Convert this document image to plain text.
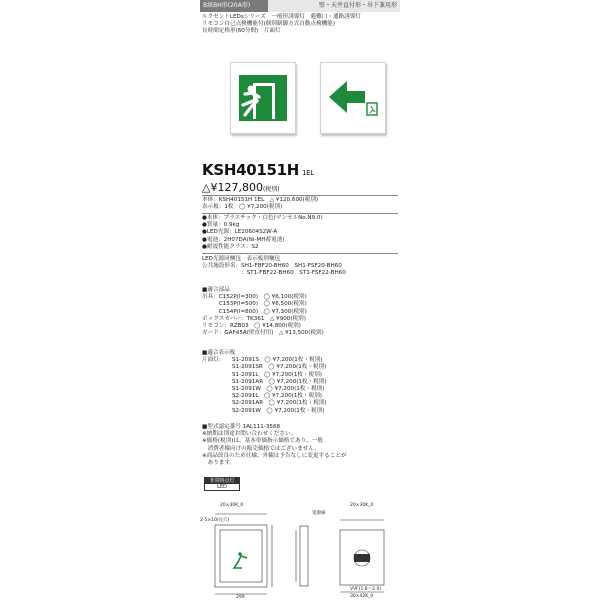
B級BH形(20A形)	壁・天井直付形・吊下兼用形
ルクセントLEDsシリーズ　一般形誘導灯　避難口・通路誘導灯
リモコン自己点検機能付(個別制御方式自動点検機能)
長時間定格形(60分間)　片面灯
KSH40151H 1EL
△¥127,800(税別)
本体：KSH40151H 1EL　△ ¥120,600(税別)
表示板：1枚　◯ ¥7,200(税別)
●本体：プラスチック・白色(マンセルNo.N9.0)
●質量：0.9kg
●LED光源：LE20604S2W-A
●電池：2H07DA(Ni-MH蓄電池)
●耐震性能クラス：S2
LED光源同梱包　表示板別梱包
公共施設形名：SH1-FBF20-BH60　SH1-FSF20-BH60
　　　　　　　：ST1-FBF22-BH60　ST1-FSF22-BH60
■適合部品
吊具：C152P(l=300)　◯ ¥6,100(税別)
　　　C153P(l=500)　◯ ¥6,500(税別)
　　　C154P(l=800)　◯ ¥7,300(税別)
ボックスカバー：TK361　△ ¥900(税別)
リモコン：RZB03　◯ ¥14,800(税別)
ガード：GAF45A(壁直付用)　△ ¥13,500(税別)
■適合表示板
片面灯：	S1-2091S　◯ ¥7,200(1枚・税別)
S1-2091SR　◯ ¥7,200(1枚・税別)
S1-2091L　◯ ¥7,200(1枚・税別)
S1-2091AR　◯ ¥7,200(1枚・税別)
S1-2091W　◯ ¥7,200(1枚・税別)
S2-2091L　◯ ¥7,200(1枚・税別)
S2-2091AR　◯ ¥7,200(1枚・税別)
S2-2091W　◯ ¥7,200(1枚・税別)
■型式認定番号 1AL111-3568
※納期は別途お問い合わせください。
※価格(税別)は、基本単価指示価格であり、一般
　消費者様向けの販売価格ではございません。
※商品改良のため仕様、外観は予告なしに変更することが
　あります。
非常時点灯
LED
20×30K_0	20×30K_0
2-5×10(長穴)
299
電源線
VVF(1.6～2.0)
30×42K_0
